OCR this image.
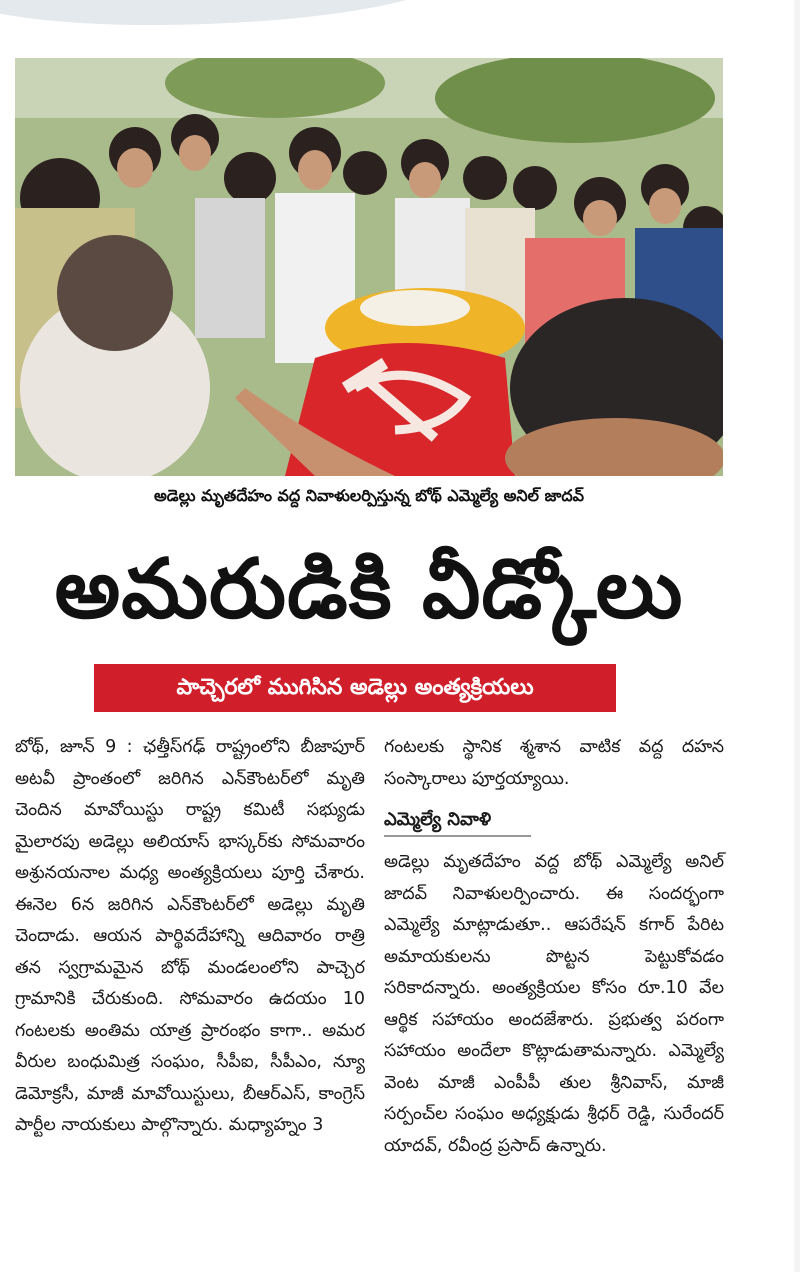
అడెల్లు మృతదేహం వద్ద నివాళులర్పిస్తున్న బోథ్ ఎమ్మెల్యే అనిల్ జాదవ్
అమరుడికి వీడ్కోలు
పాచ్చెరలో ముగిసిన అడెల్లు అంత్యక్రియలు

బోథ్, జూన్ 9 : ఛత్తీస్‌గఢ్ రాష్ట్రంలోని బీజాపూర్ అటవీ ప్రాంతంలో జరిగిన ఎన్‌కౌంటర్‌లో మృతి చెందిన మావోయిస్టు రాష్ట్ర కమిటీ సభ్యుడు మైలారపు అడెల్లు అలియాస్ భాస్కర్‌కు సోమవారం అశ్రునయనాల మధ్య అంత్యక్రియలు పూర్తి చేశారు. ఈనెల 6న జరిగిన ఎన్‌కౌంటర్‌లో అడెల్లు మృతి చెందాడు. ఆయన పార్థివదేహాన్ని ఆదివారం రాత్రి తన స్వగ్రామమైన బోథ్ మండలంలోని పాచ్చెర గ్రామానికి చేరుకుంది. సోమవారం ఉదయం 10 గంటలకు అంతిమ యాత్ర ప్రారంభం కాగా.. అమర వీరుల బంధుమిత్ర సంఘం, సీపీఐ, సీపీఎం, న్యూ డెమోక్రసీ, మాజీ మావోయిస్టులు, బీఆర్ఎస్, కాంగ్రెస్ పార్టీల నాయకులు పాల్గొన్నారు. మధ్యాహ్నం 3

గంటలకు స్థానిక శ్మశాన వాటిక వద్ద దహన సంస్కారాలు పూర్తయ్యాయి.

ఎమ్మెల్యే నివాళి

అడెల్లు మృతదేహం వద్ద బోథ్ ఎమ్మెల్యే అనిల్ జాదవ్ నివాళులర్పించారు. ఈ సందర్భంగా ఎమ్మెల్యే మాట్లాడుతూ.. ఆపరేషన్ కగార్ పేరిట అమాయకులను పొట్టన పెట్టుకోవడం సరికాదన్నారు. అంత్యక్రియల కోసం రూ.10 వేల ఆర్థిక సహాయం అందజేశారు. ప్రభుత్వ పరంగా సహాయం అందేలా కొట్లాడుతామన్నారు. ఎమ్మెల్యే వెంట మాజీ ఎంపీపీ తుల శ్రీనివాస్, మాజీ సర్పంచ్‌ల సంఘం అధ్యక్షుడు శ్రీధర్ రెడ్డి, సురేందర్ యాదవ్, రవీంద్ర ప్రసాద్ ఉన్నారు.
